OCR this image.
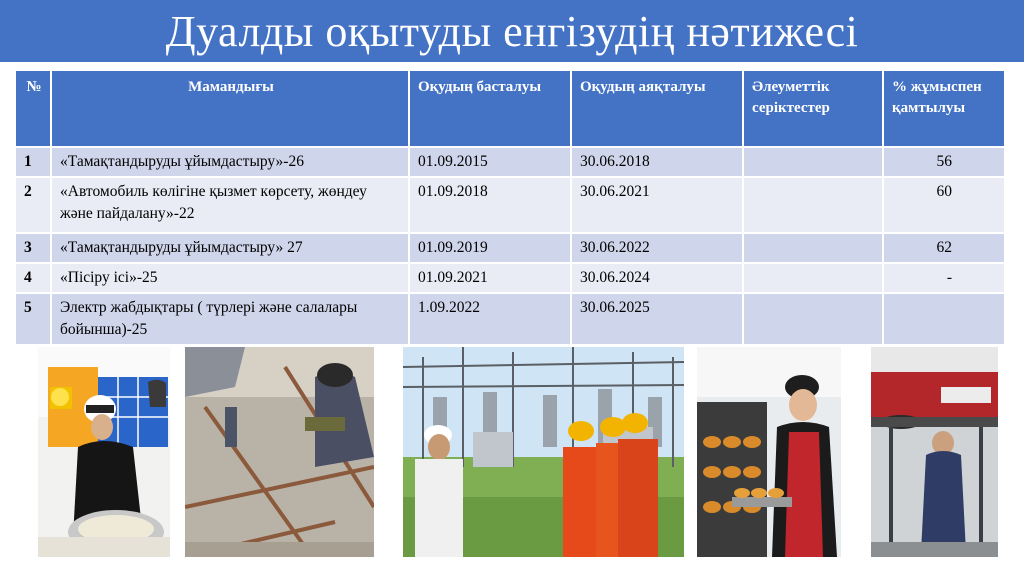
Дуалды оқытуды енгізудің нәтижесі
№	Мамандығы	Оқудың басталуы	Оқудың аяқталуы	Әлеуметтік серіктестер	% жұмыспен қамтылуы
1	«Тамақтандыруды ұйымдастыру»-26	01.09.2015	30.06.2018		56
2	«Автомобиль көлігіне қызмет көрсету, жөндеу және пайдалану»-22	01.09.2018	30.06.2021		60
3	«Тамақтандыруды ұйымдастыру» 27	01.09.2019	30.06.2022		62
4	«Пісіру ісі»-25	01.09.2021	30.06.2024		-
5	Электр жабдықтары ( түрлері және салалары бойынша)-25	1.09.2022	30.06.2025		
